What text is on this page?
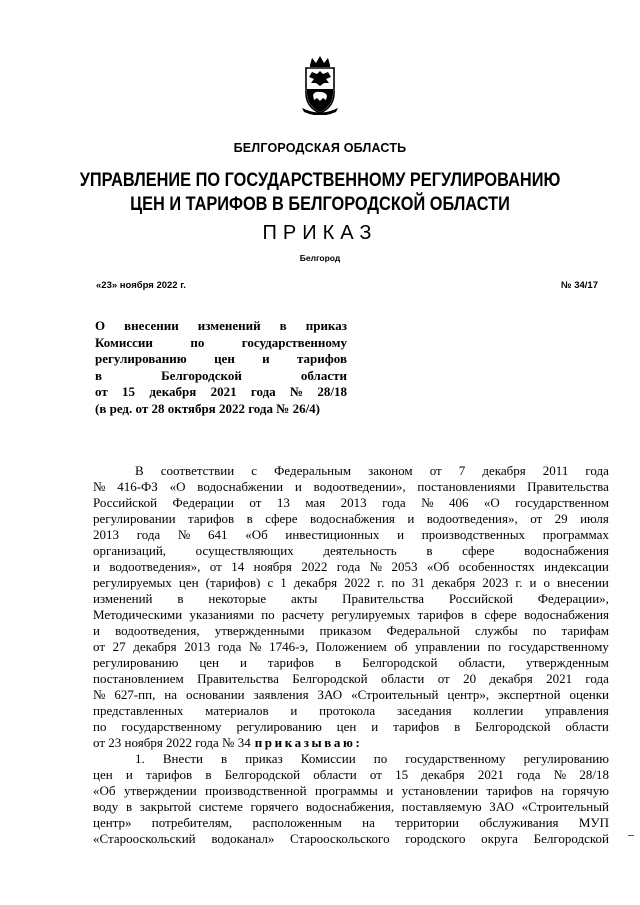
БЕЛГОРОДСКАЯ ОБЛАСТЬ
УПРАВЛЕНИЕ ПО ГОСУДАРСТВЕННОМУ РЕГУЛИРОВАНИЮ
ЦЕН И ТАРИФОВ В БЕЛГОРОДСКОЙ ОБЛАСТИ
ПРИКАЗ
Белгород
«23» ноября 2022 г.	№ 34/17
О внесении изменений в приказ
Комиссии	по	государственному
регулированию цен и тарифов
в	Белгородской	области
от 15 декабря 2021 года № 28/18
(в ред. от 28 октября 2022 года № 26/4)
В соответствии с Федеральным законом от 7 декабря 2011 года
№ 416-ФЗ «О водоснабжении и водоотведении», постановлениями Правительства
Российской Федерации от 13 мая 2013 года № 406 «О государственном
регулировании тарифов в сфере водоснабжения и водоотведения», от 29 июля
2013 года № 641 «Об инвестиционных и производственных программах
организаций, осуществляющих деятельность в сфере водоснабжения
и водоотведения», от 14 ноября 2022 года № 2053 «Об особенностях индексации
регулируемых цен (тарифов) с 1 декабря 2022 г. по 31 декабря 2023 г. и о внесении
изменений в некоторые акты Правительства Российской Федерации»,
Методическими указаниями по расчету регулируемых тарифов в сфере водоснабжения
и водоотведения, утвержденными приказом Федеральной службы по тарифам
от 27 декабря 2013 года № 1746-э, Положением об управлении по государственному
регулированию цен и тарифов в Белгородской области, утвержденным
постановлением Правительства Белгородской области от 20 декабря 2021 года
№ 627-пп, на основании заявления ЗАО «Строительный центр», экспертной оценки
представленных материалов и протокола заседания коллегии управления
по государственному регулированию цен и тарифов в Белгородской области
от 23 ноября 2022 года № 34 приказываю:
1. Внести в приказ Комиссии по государственному регулированию
цен и тарифов в Белгородской области от 15 декабря 2021 года № 28/18
«Об утверждении производственной программы и установлении тарифов на горячую
воду в закрытой системе горячего водоснабжения, поставляемую ЗАО «Строительный
центр» потребителям, расположенным на территории обслуживания МУП
«Старооскольский водоканал» Старооскольского городского округа Белгородской
